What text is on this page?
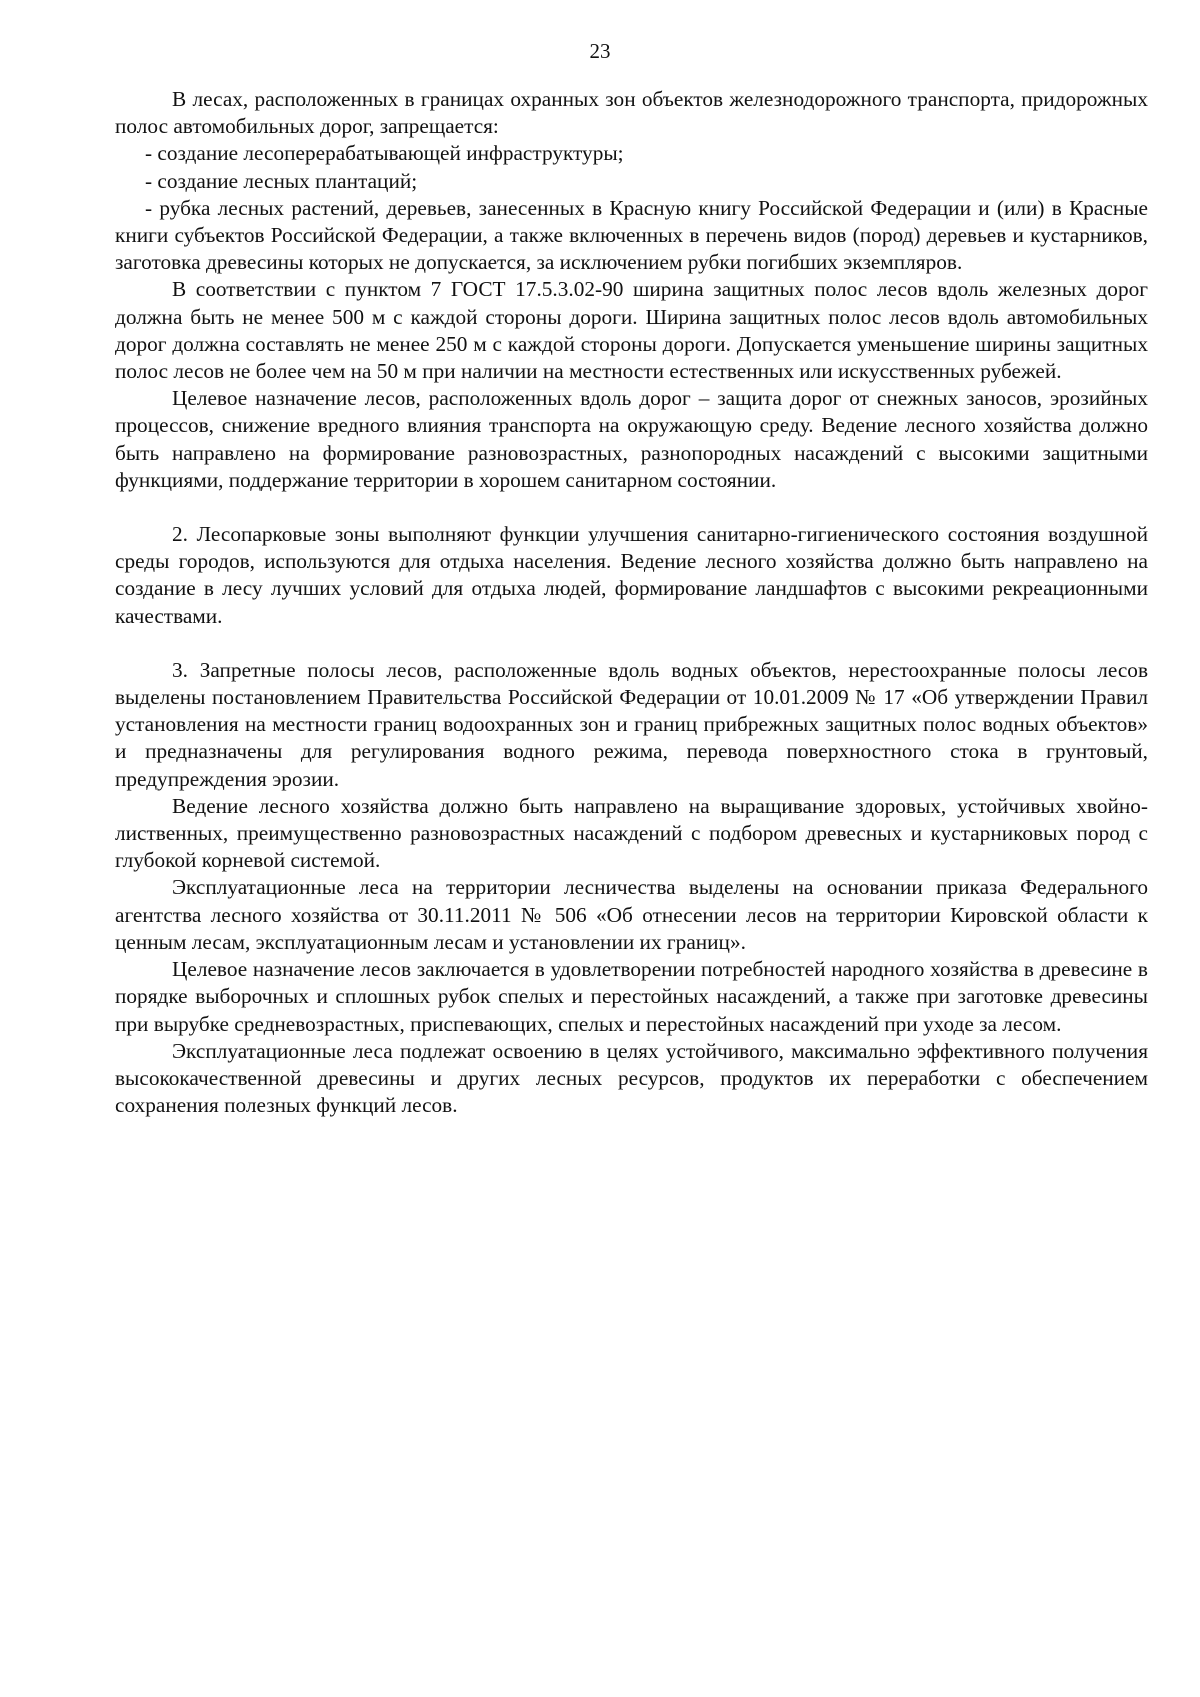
23

В лесах, расположенных в границах охранных зон объектов железнодорожного транспорта, придорожных полос автомобильных дорог, запрещается:

- создание лесоперерабатывающей инфраструктуры;

- создание лесных плантаций;

- рубка лесных растений, деревьев, занесенных в Красную книгу Российской Федерации и (или) в Красные книги субъектов Российской Федерации, а также включенных в перечень видов (пород) деревьев и кустарников, заготовка древесины которых не допускается, за исключением рубки погибших экземпляров.

В соответствии с пунктом 7 ГОСТ 17.5.3.02-90 ширина защитных полос лесов вдоль железных дорог должна быть не менее 500 м с каждой стороны дороги. Ширина защитных полос лесов вдоль автомобильных дорог должна составлять не менее 250 м с каждой стороны дороги. Допускается уменьшение ширины защитных полос лесов не более чем на 50 м при наличии на местности естественных или искусственных рубежей.

Целевое назначение лесов, расположенных вдоль дорог – защита дорог от снежных заносов, эрозийных процессов, снижение вредного влияния транспорта на окружающую среду. Ведение лесного хозяйства должно быть направлено на формирование разновозрастных, разнопородных насаждений с высокими защитными функциями, поддержание территории в хорошем санитарном состоянии.

2. Лесопарковые зоны выполняют функции улучшения санитарно-гигиенического состояния воздушной среды городов, используются для отдыха населения. Ведение лесного хозяйства должно быть направлено на создание в лесу лучших условий для отдыха людей, формирование ландшафтов с высокими рекреационными качествами.

3. Запретные полосы лесов, расположенные вдоль водных объектов, нерестоохранные полосы лесов выделены постановлением Правительства Российской Федерации от 10.01.2009 № 17 «Об утверждении Правил установления на местности границ водоохранных зон и границ прибрежных защитных полос водных объектов» и предназначены для регулирования водного режима, перевода поверхностного стока в грунтовый, предупреждения эрозии.

Ведение лесного хозяйства должно быть направлено на выращивание здоровых, устойчивых хвойно-лиственных, преимущественно разновозрастных насаждений с подбором древесных и кустарниковых пород с глубокой корневой системой.

Эксплуатационные леса на территории лесничества выделены на основании приказа Федерального агентства лесного хозяйства от 30.11.2011 № 506 «Об отнесении лесов на территории Кировской области к ценным лесам, эксплуатационным лесам и установлении их границ».

Целевое назначение лесов заключается в удовлетворении потребностей народного хозяйства в древесине в порядке выборочных и сплошных рубок спелых и перестойных насаждений, а также при заготовке древесины при вырубке средневозрастных, приспевающих, спелых и перестойных насаждений при уходе за лесом.

Эксплуатационные леса подлежат освоению в целях устойчивого, максимально эффективного получения высококачественной древесины и других лесных ресурсов, продуктов их переработки с обеспечением сохранения полезных функций лесов.
